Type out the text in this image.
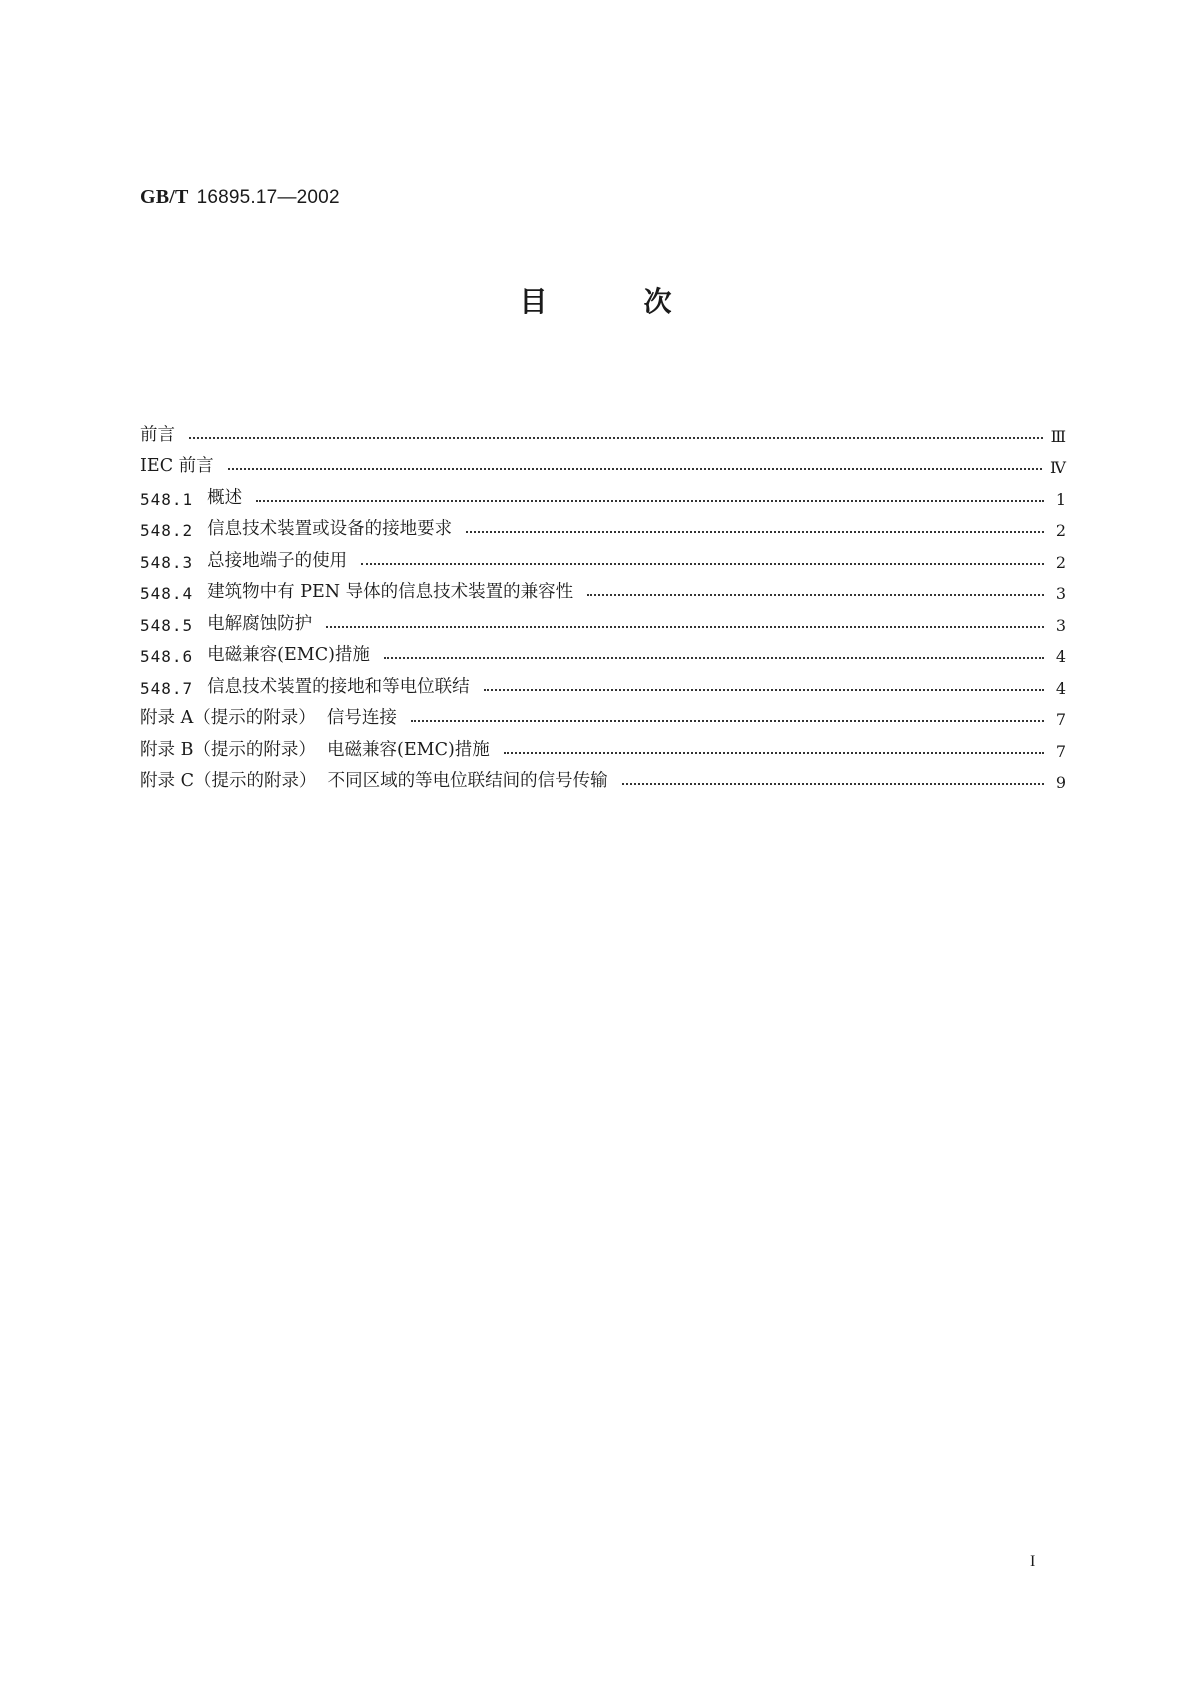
GB/T 16895.17—2002
目次
前言	Ⅲ
IEC 前言	Ⅳ
548.1 概述	1
548.2 信息技术装置或设备的接地要求	2
548.3 总接地端子的使用	2
548.4 建筑物中有 PEN 导体的信息技术装置的兼容性	3
548.5 电解腐蚀防护	3
548.6 电磁兼容(EMC)措施	4
548.7 信息技术装置的接地和等电位联结	4
附录 A（提示的附录）  信号连接	7
附录 B（提示的附录）  电磁兼容(EMC)措施	7
附录 C（提示的附录）  不同区域的等电位联结间的信号传输	9
I
